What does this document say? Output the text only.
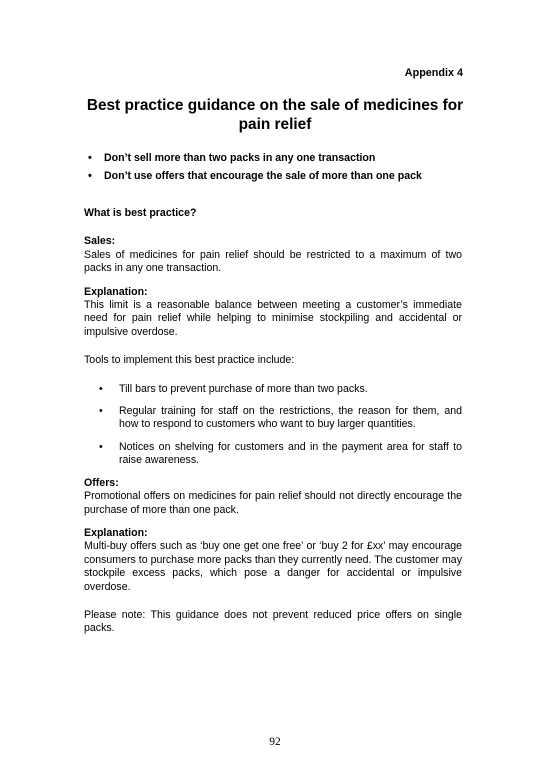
Appendix 4
Best practice guidance on the sale of medicines for pain relief
• Don’t sell more than two packs in any one transaction
• Don’t use offers that encourage the sale of more than one pack

What is best practice?

Sales:

Sales of medicines for pain relief should be restricted to a maximum of two packs in any one transaction.

Explanation:

This limit is a reasonable balance between meeting a customer’s immediate need for pain relief while helping to minimise stockpiling and accidental or impulsive overdose.

Tools to implement this best practice include:

• Till bars to prevent purchase of more than two packs.
• Regular training for staff on the restrictions, the reason for them, and how to respond to customers who want to buy larger quantities.
• Notices on shelving for customers and in the payment area for staff to raise awareness.

Offers:

Promotional offers on medicines for pain relief should not directly encourage the purchase of more than one pack.

Explanation:

Multi-buy offers such as ‘buy one get one free’ or ‘buy 2 for £xx’ may encourage consumers to purchase more packs than they currently need. The customer may stockpile excess packs, which pose a danger for accidental or impulsive overdose.

Please note: This guidance does not prevent reduced price offers on single packs.

92
